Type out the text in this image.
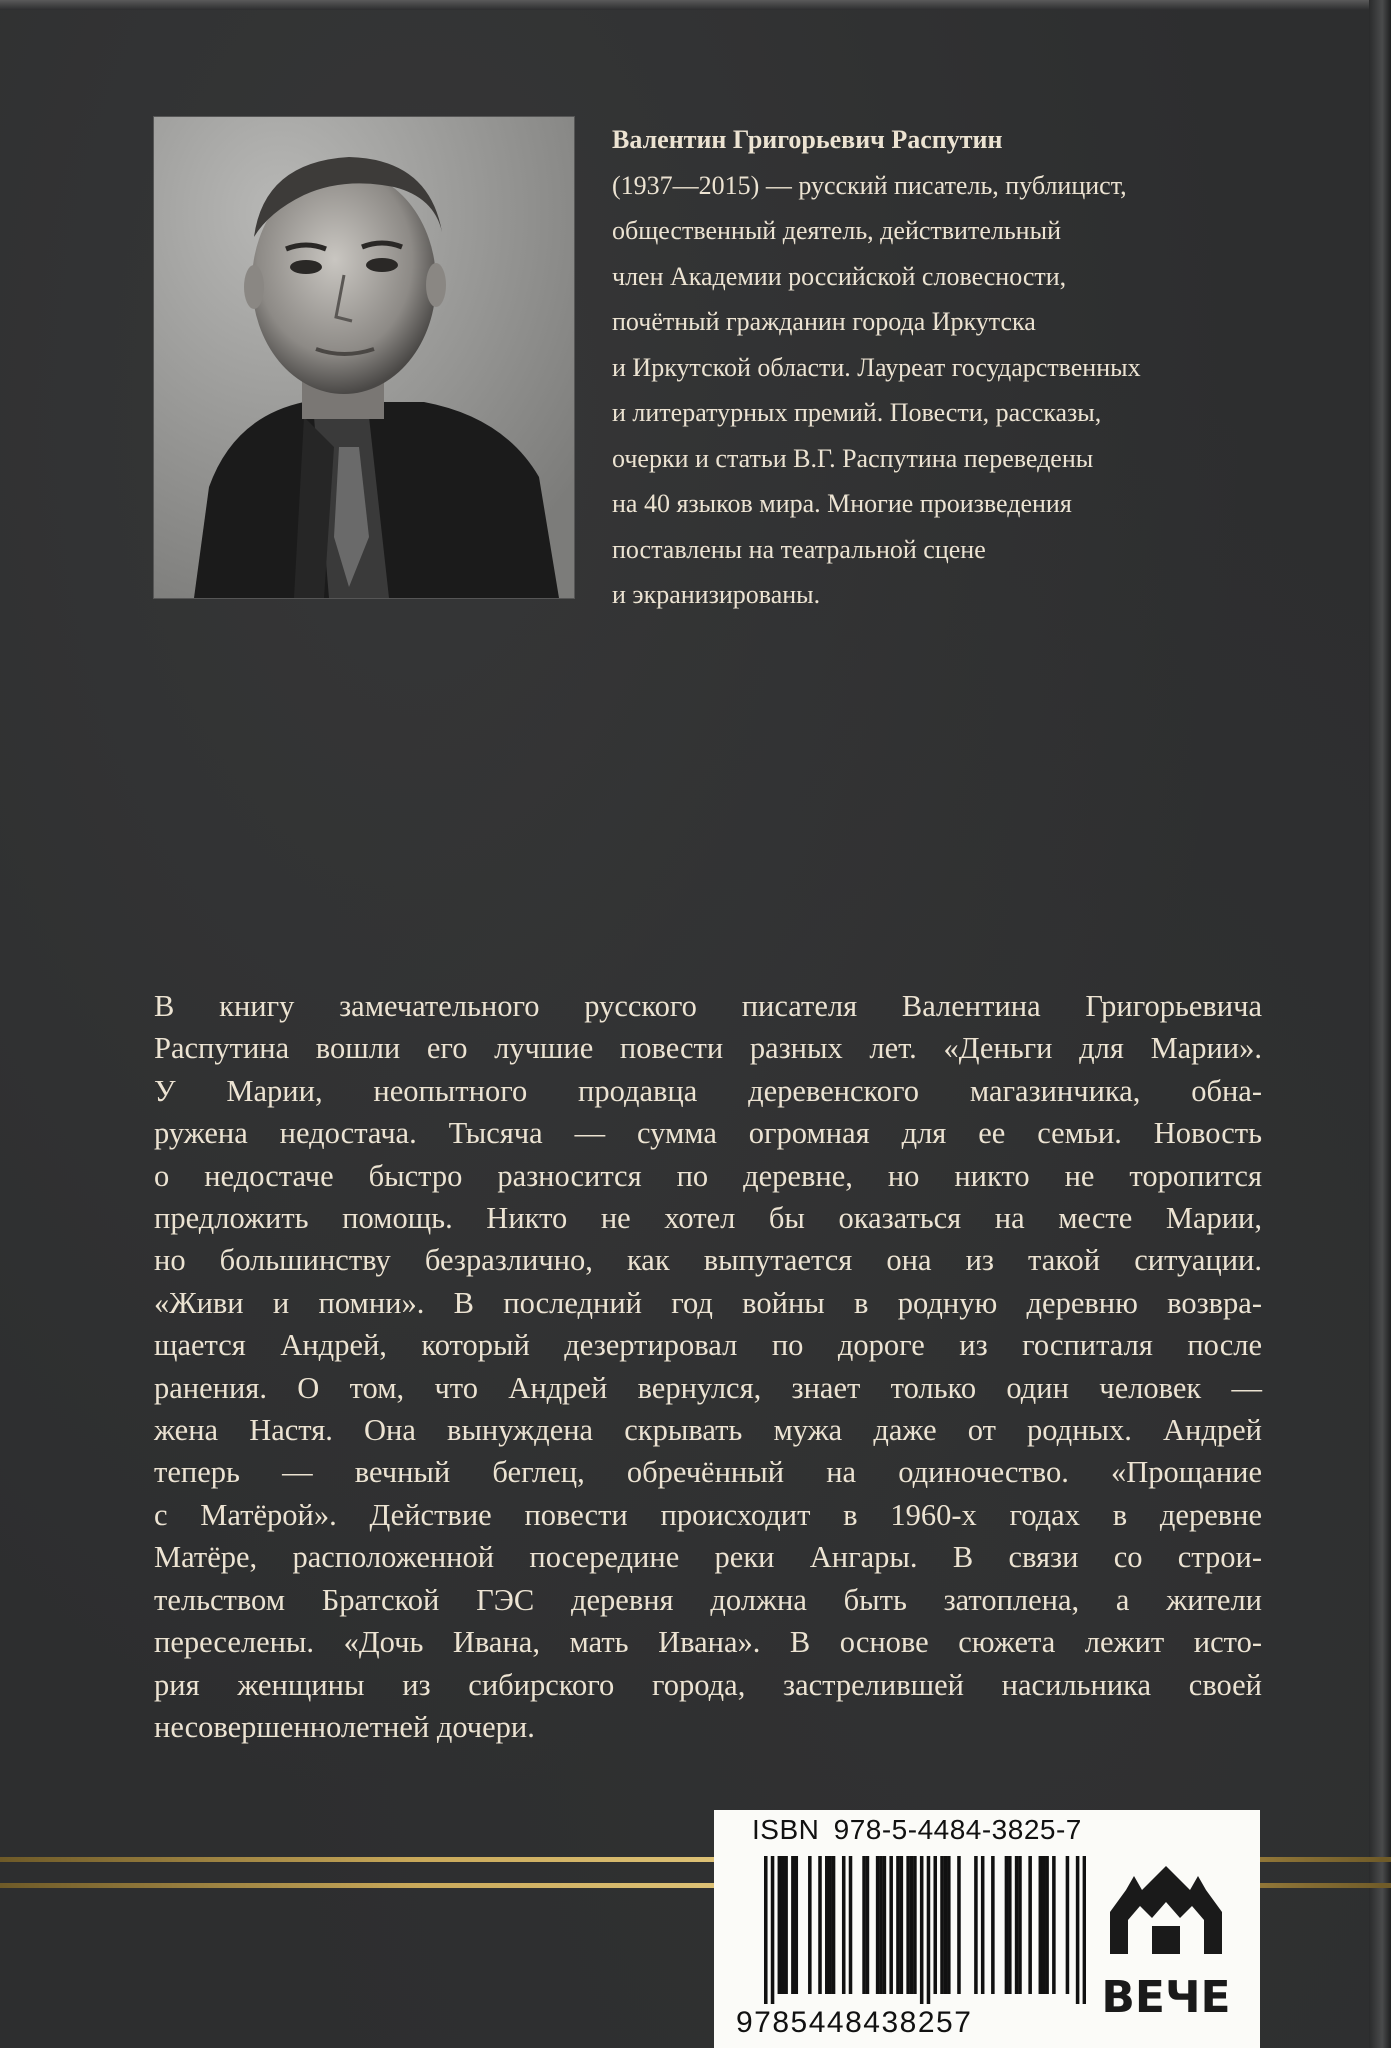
Валентин Григорьевич Распутин
(1937—2015) — русский писатель, публицист,
общественный деятель, действительный
член Академии российской словесности,
почётный гражданин города Иркутска
и Иркутской области. Лауреат государственных
и литературных премий. Повести, рассказы,
очерки и статьи В.Г. Распутина переведены
на 40 языков мира. Многие произведения
поставлены на театральной сцене
и экранизированы.
В книгу замечательного русского писателя Валентина Григорьевича
Распутина вошли его лучшие повести разных лет. «Деньги для Марии».
У Марии, неопытного продавца деревенского магазинчика, обна-
ружена недостача. Тысяча — сумма огромная для ее семьи. Новость
о недостаче быстро разносится по деревне, но никто не торопится
предложить помощь. Никто не хотел бы оказаться на месте Марии,
но большинству безразлично, как выпутается она из такой ситуации.
«Живи и помни». В последний год войны в родную деревню возвра-
щается Андрей, который дезертировал по дороге из госпиталя после
ранения. О том, что Андрей вернулся, знает только один человек —
жена Настя. Она вынуждена скрывать мужа даже от родных. Андрей
теперь — вечный беглец, обречённый на одиночество. «Прощание
с Матёрой». Действие повести происходит в 1960-х годах в деревне
Матёре, расположенной посередине реки Ангары. В связи со строи-
тельством Братской ГЭС деревня должна быть затоплена, а жители
переселены. «Дочь Ивана, мать Ивана». В основе сюжета лежит исто-
рия женщины из сибирского города, застрелившей насильника своей
несовершеннолетней дочери.
ISBN 978-5-4484-3825-7
9785448438257	ВЕЧЕ
